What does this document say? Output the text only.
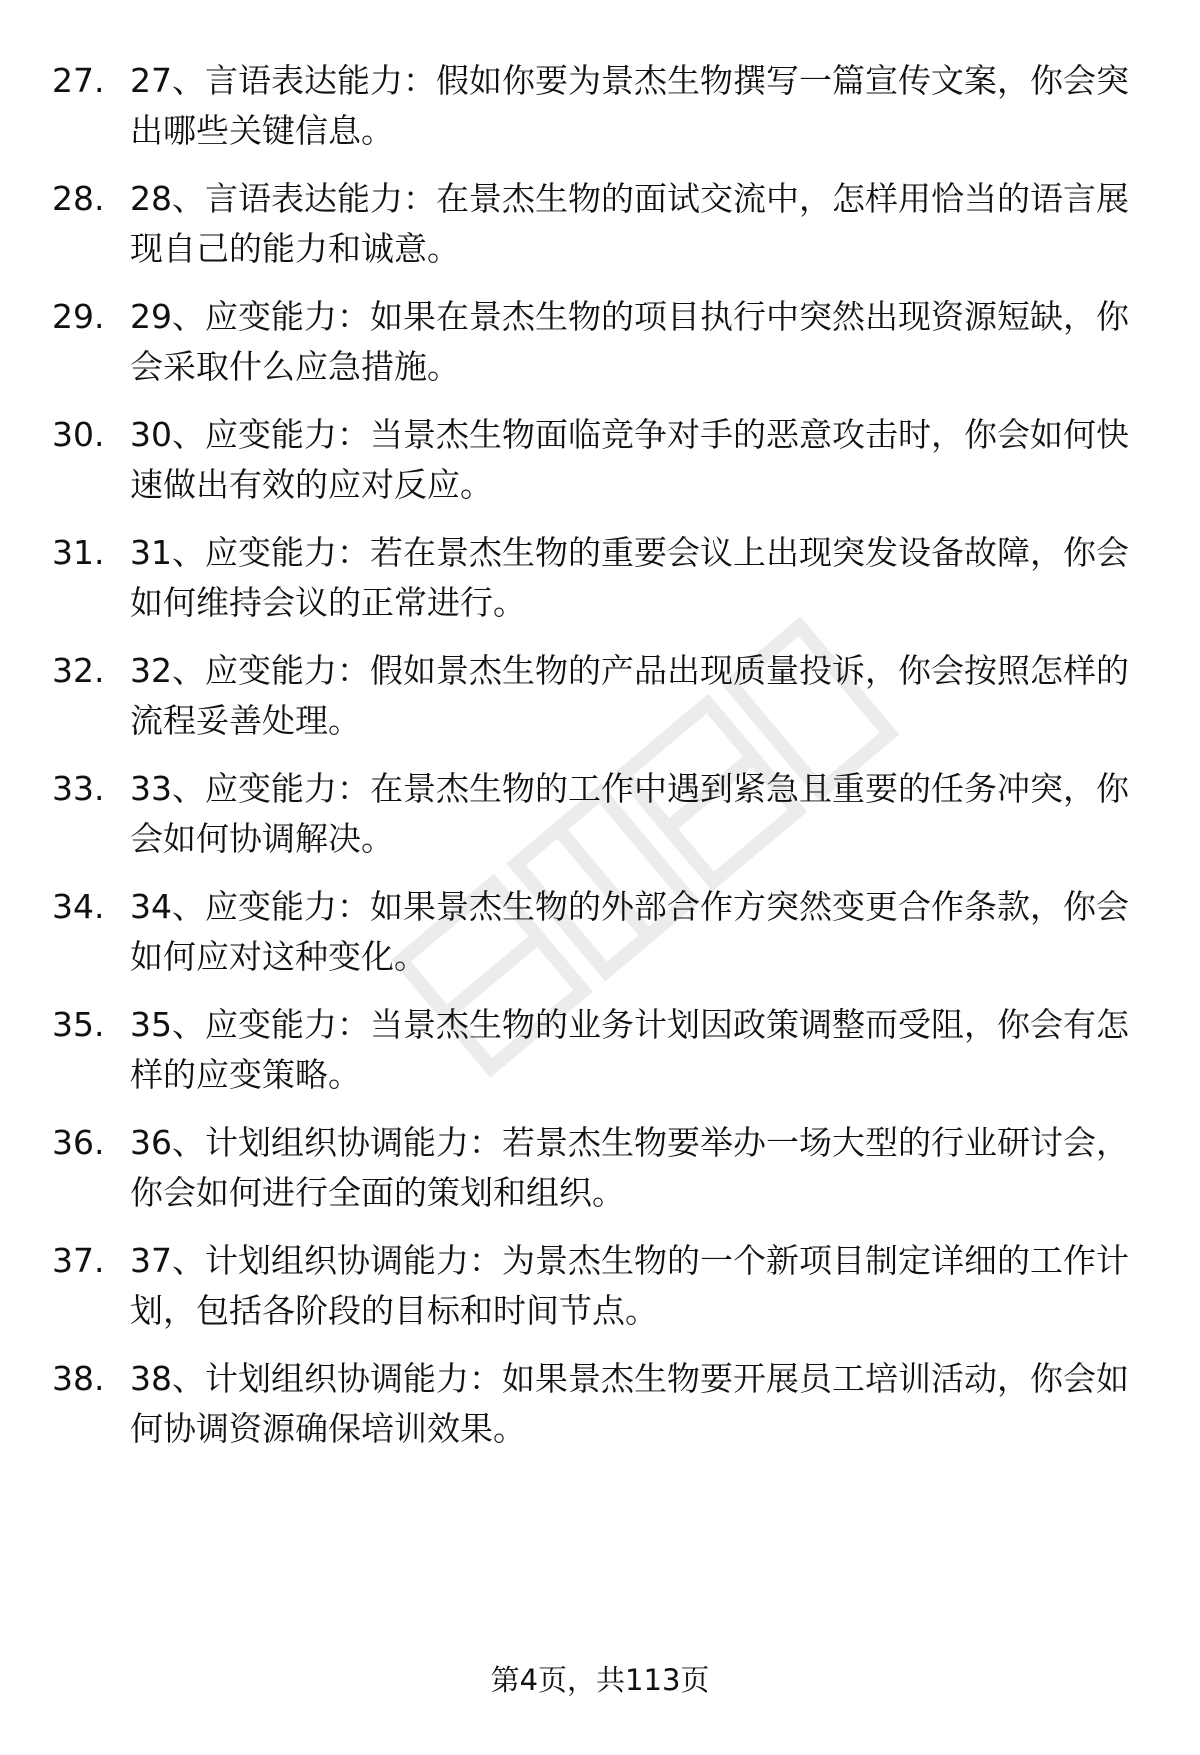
27. 27、言语表达能力：假如你要为景杰生物撰写一篇宣传文案，你会突出哪些关键信息。
28. 28、言语表达能力：在景杰生物的面试交流中，怎样用恰当的语言展现自己的能力和诚意。
29. 29、应变能力：如果在景杰生物的项目执行中突然出现资源短缺，你会采取什么应急措施。
30. 30、应变能力：当景杰生物面临竞争对手的恶意攻击时，你会如何快速做出有效的应对反应。
31. 31、应变能力：若在景杰生物的重要会议上出现突发设备故障，你会如何维持会议的正常进行。
32. 32、应变能力：假如景杰生物的产品出现质量投诉，你会按照怎样的流程妥善处理。
33. 33、应变能力：在景杰生物的工作中遇到紧急且重要的任务冲突，你会如何协调解决。
34. 34、应变能力：如果景杰生物的外部合作方突然变更合作条款，你会如何应对这种变化。
35. 35、应变能力：当景杰生物的业务计划因政策调整而受阻，你会有怎样的应变策略。
36. 36、计划组织协调能力：若景杰生物要举办一场大型的行业研讨会，你会如何进行全面的策划和组织。
37. 37、计划组织协调能力：为景杰生物的一个新项目制定详细的工作计划，包括各阶段的目标和时间节点。
38. 38、计划组织协调能力：如果景杰生物要开展员工培训活动，你会如何协调资源确保培训效果。
第4页，共113页
